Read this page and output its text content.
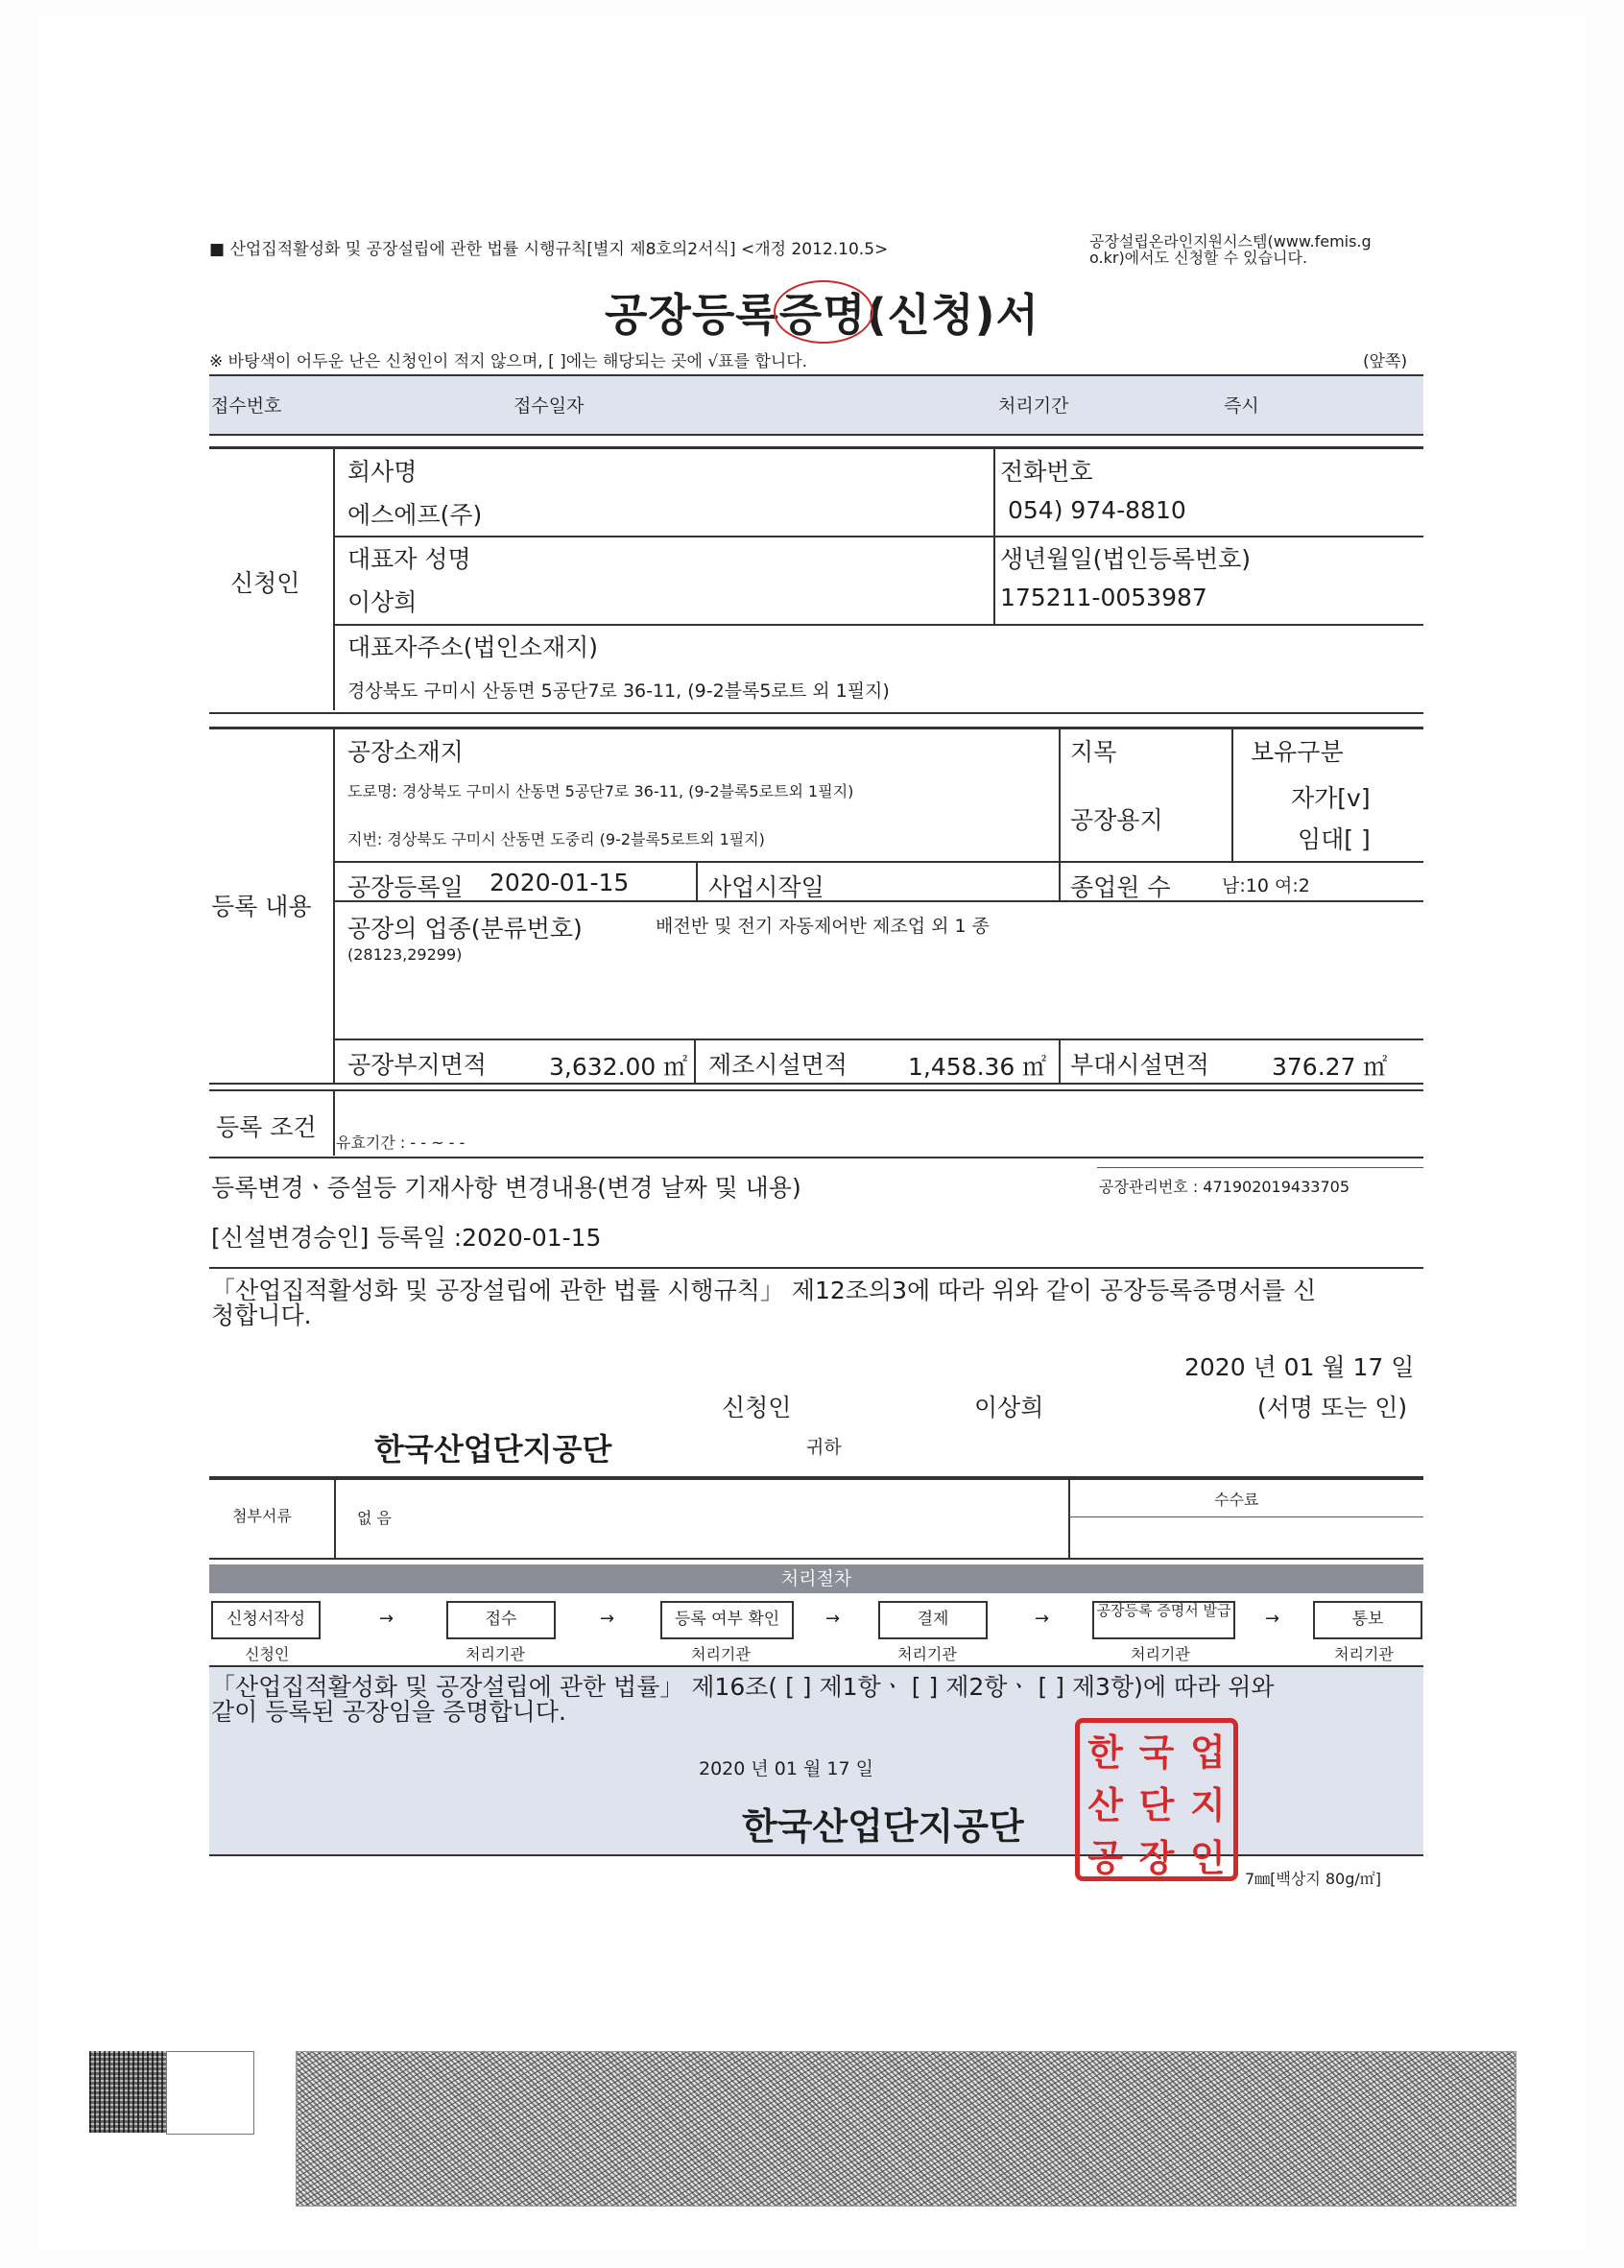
■ 산업집적활성화 및 공장설립에 관한 법률 시행규칙[별지 제8호의2서식] <개정 2012.10.5>	공장설립온라인지원시스템(www.femis.g
o.kr)에서도 신청할 수 있습니다.
공장등록증명(신청)서
※ 바탕색이 어두운 난은 신청인이 적지 않으며, [ ]에는 해당되는 곳에 √표를 합니다.	(앞쪽)
접수번호	접수일자	처리기간	즉시
신청인
회사명
에스에프(주)
전화번호
054) 974-8810
대표자 성명
이상희
생년월일(법인등록번호)
175211-0053987
대표자주소(법인소재지)
경상북도 구미시 산동면 5공단7로 36-11, (9-2블록5로트 외 1필지)
등록 내용
공장소재지
도로명: 경상북도 구미시 산동면 5공단7로 36-11, (9-2블록5로트외 1필지)
지번: 경상북도 구미시 산동면 도중리 (9-2블록5로트외 1필지)
지목
공장용지
보유구분
자가[v]
임대[ ]
공장등록일 2020-01-15	사업시작일	종업원 수	남:10 여:2
공장의 업종(분류번호)	배전반 및 전기 자동제어반 제조업 외 1 종
(28123,29299)
공장부지면적	3,632.00 ㎡ 제조시설면적	1,458.36 ㎡ 부대시설면적	376.27 ㎡
등록 조건
유효기간 : - - ~ - -
등록변경ㆍ증설등 기재사항 변경내용(변경 날짜 및 내용)	공장관리번호 : 471902019433705
[신설변경승인] 등록일 :2020-01-15
「산업집적활성화 및 공장설립에 관한 법률 시행규칙」 제12조의3에 따라 위와 같이 공장등록증명서를 신
청합니다.
2020 년 01 월 17 일
신청인	이상희	(서명 또는 인)
한국산업단지공단	귀하
첨부서류	없 음
수수료
처리절차
신청서작성	→	접수	→	등록 여부 확인	→	결제	→	공장등록 증명서 발급 →	통보
신청인	처리기관	처리기관	처리기관	처리기관	처리기관
「산업집적활성화 및 공장설립에 관한 법률」 제16조( [ ] 제1항ㆍ [ ] 제2항ㆍ [ ] 제3항)에 따라 위와
같이 등록된 공장임을 증명합니다.
2020 년 01 월 17 일
한국산업단지공단
한 국 업
산 단 지
공 장 인 7㎜[백상지 80g/㎡]
